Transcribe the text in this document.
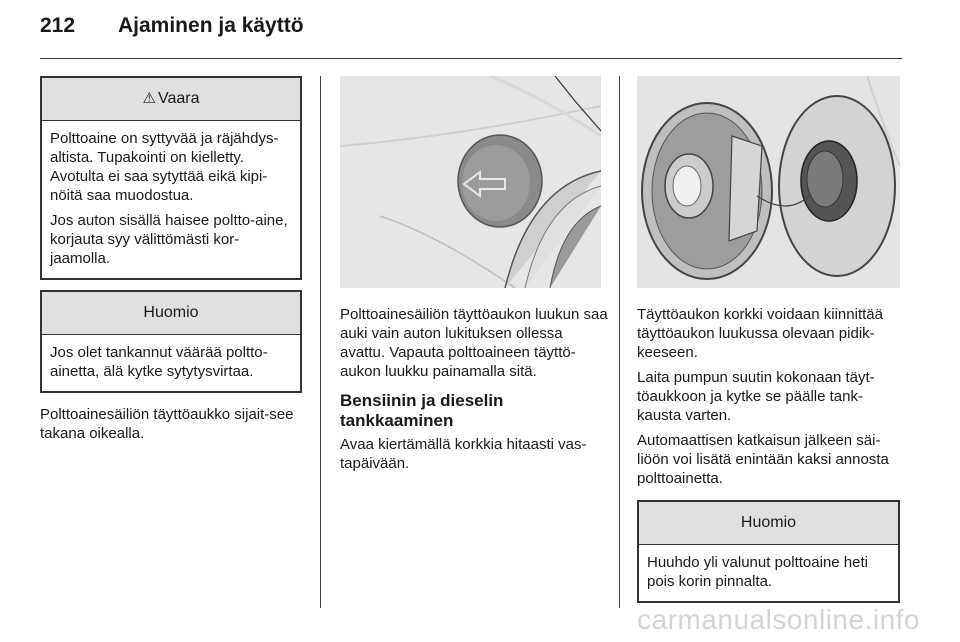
212 Ajaminen ja käyttö
⚠ Vaara

Polttoaine on syttyvää ja räjähdys-altista. Tupakointi on kielletty. Avotulta ei saa sytyttää eikä kipi-nöitä saa muodostua.

Jos auton sisällä haisee poltto-aine, korjauta syy välittömästi kor-jaamolla.

Huomio

Jos olet tankannut väärää poltto-ainetta, älä kytke sytytysvirtaa.

Polttoainesäiliön täyttöaukko sijait-see takana oikealla.

Polttoainesäiliön täyttöaukon luukun saa auki vain auton lukituksen ollessa avattu. Vapauta polttoaineen täyttö-aukon luukku painamalla sitä.

Bensiinin ja dieselin tankkaaminen

Avaa kiertämällä korkkia hitaasti vas-tapäivään.

Täyttöaukon korkki voidaan kiinnittää täyttöaukon luukussa olevaan pidik-keeseen.

Laita pumpun suutin kokonaan täyt-töaukkoon ja kytke se päälle tank-kausta varten.

Automaattisen katkaisun jälkeen säi-liöön voi lisätä enintään kaksi annosta polttoainetta.

Huomio

Huuhdo yli valunut polttoaine heti pois korin pinnalta.

carmanualsonline.info
